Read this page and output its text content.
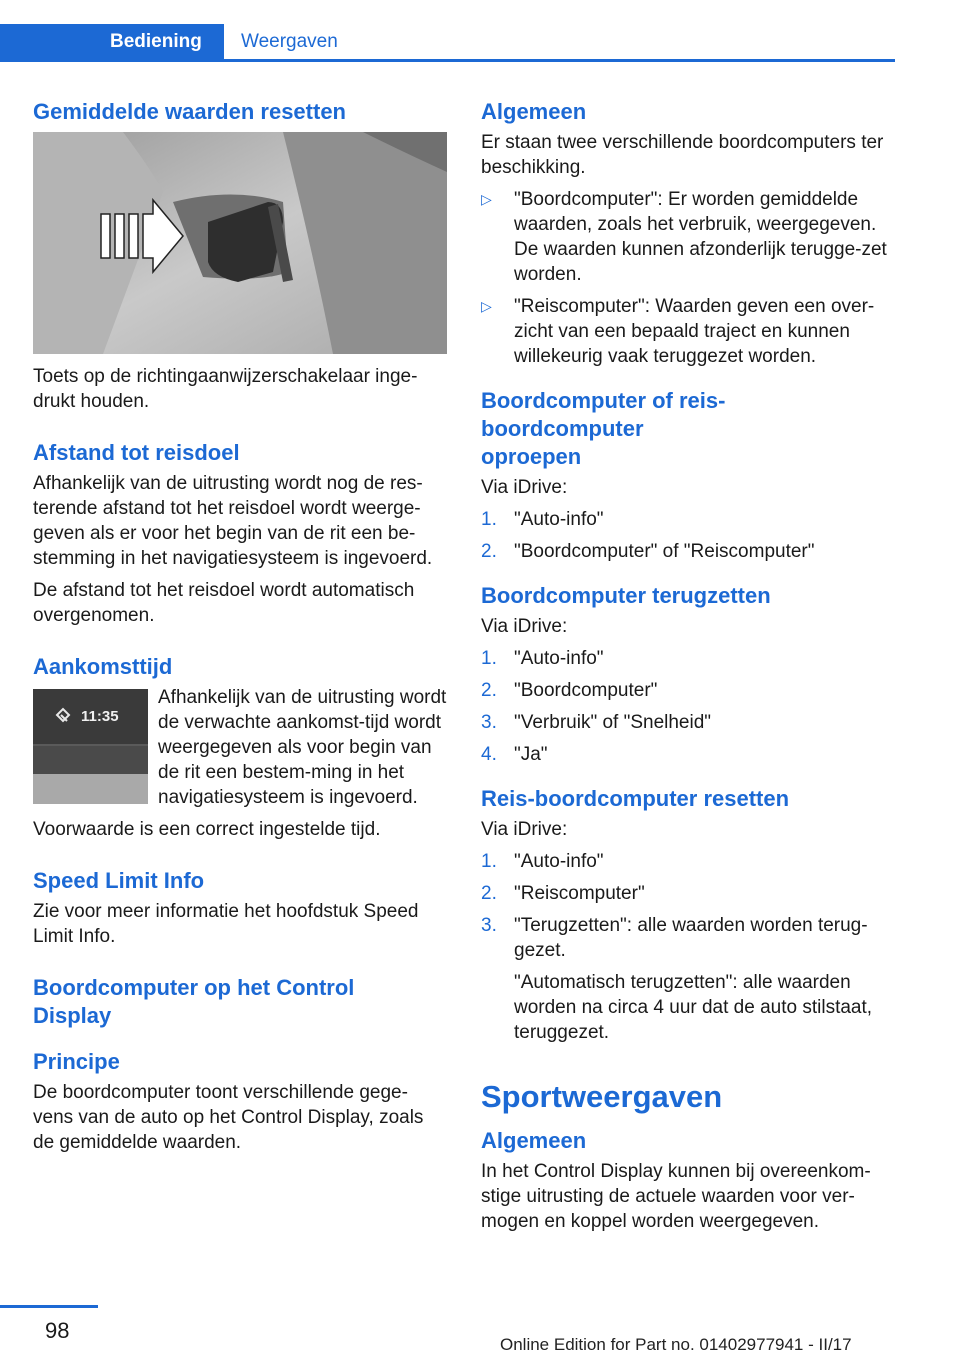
Bediening	Weergaven
Gemiddelde waarden resetten

Toets op de richtingaanwijzerschakelaar inge-drukt houden.

Afstand tot reisdoel

Afhankelijk van de uitrusting wordt nog de res-terende afstand tot het reisdoel wordt weerge-geven als er voor het begin van de rit een be-stemming in het navigatiesysteem is ingevoerd.

De afstand tot het reisdoel wordt automatisch overgenomen.

Aankomsttijd
11:35

Afhankelijk van de uitrusting wordt de verwachte aankomst-tijd wordt weergegeven als voor begin van de rit een bestem-ming in het navigatiesysteem is ingevoerd.

Voorwaarde is een correct ingestelde tijd.

Speed Limit Info

Zie voor meer informatie het hoofdstuk Speed Limit Info.

Boordcomputer op het Control Display
Principe

De boordcomputer toont verschillende gege-vens van de auto op het Control Display, zoals de gemiddelde waarden.

Algemeen

Er staan twee verschillende boordcomputers ter beschikking.

▷ "Boordcomputer": Er worden gemiddelde waarden, zoals het verbruik, weergegeven. De waarden kunnen afzonderlijk terugge-zet worden.
▷ "Reiscomputer": Waarden geven een over-zicht van een bepaald traject en kunnen willekeurig vaak teruggezet worden.
Boordcomputer of reis-boordcomputer oproepen

Via iDrive:

1. "Auto-info"
2. "Boordcomputer" of "Reiscomputer"
Boordcomputer terugzetten

Via iDrive:

1. "Auto-info"
2. "Boordcomputer"
3. "Verbruik" of "Snelheid"
4. "Ja"
Reis-boordcomputer resetten

Via iDrive:

1. "Auto-info"
2. "Reiscomputer"
3. "Terugzetten": alle waarden worden terug-gezet.
"Automatisch terugzetten": alle waarden worden na circa 4 uur dat de auto stilstaat, teruggezet.
Sportweergaven
Algemeen

In het Control Display kunnen bij overeenkom-stige uitrusting de actuele waarden voor ver-mogen en koppel worden weergegeven.

98
Online Edition for Part no. 01402977941 - II/17
